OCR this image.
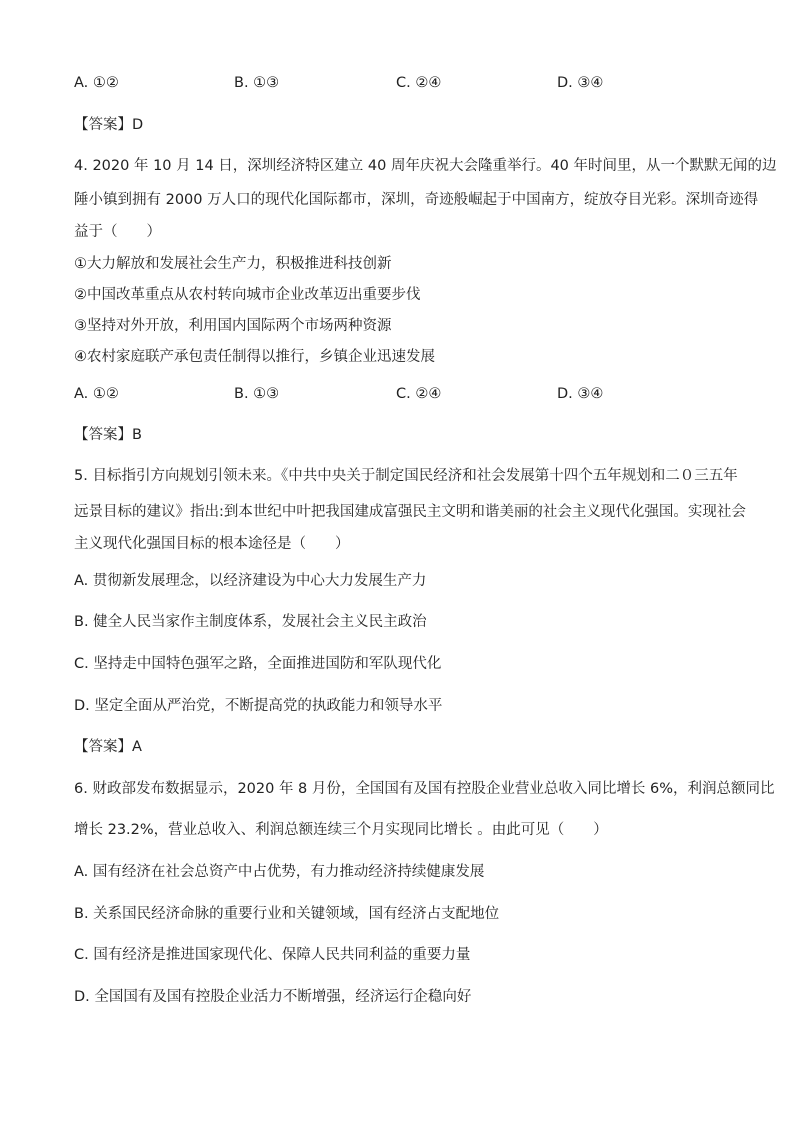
A. ①②	B. ①③	C. ②④	D. ③④
【答案】D
4. 2020 年 10 月 14 日，深圳经济特区建立 40 周年庆祝大会隆重举行。40 年时间里，从一个默默无闻的边
陲小镇到拥有 2000 万人口的现代化国际都市，深圳，奇迹般崛起于中国南方，绽放夺目光彩。深圳奇迹得
益于（　　）
①大力解放和发展社会生产力，积极推进科技创新
②中国改革重点从农村转向城市企业改革迈出重要步伐
③坚持对外开放，利用国内国际两个市场两种资源
④农村家庭联产承包责任制得以推行，乡镇企业迅速发展
A. ①②	B. ①③	C. ②④	D. ③④
【答案】B
5. 目标指引方向规划引领未来。《中共中央关于制定国民经济和社会发展第十四个五年规划和二０三五年
远景目标的建议》指出:到本世纪中叶把我国建成富强民主文明和谐美丽的社会主义现代化强国。实现社会
主义现代化强国目标的根本途径是（　　）
A. 贯彻新发展理念，以经济建设为中心大力发展生产力
B. 健全人民当家作主制度体系，发展社会主义民主政治
C. 坚持走中国特色强军之路，全面推进国防和军队现代化
D. 坚定全面从严治党，不断提高党的执政能力和领导水平
【答案】A
6. 财政部发布数据显示，2020 年 8 月份，全国国有及国有控股企业营业总收入同比增长 6%，利润总额同比
增长 23.2%，营业总收入、利润总额连续三个月实现同比增长 。由此可见（　　）
A. 国有经济在社会总资产中占优势，有力推动经济持续健康发展
B. 关系国民经济命脉的重要行业和关键领域，国有经济占支配地位
C. 国有经济是推进国家现代化、保障人民共同利益的重要力量
D. 全国国有及国有控股企业活力不断增强，经济运行企稳向好
